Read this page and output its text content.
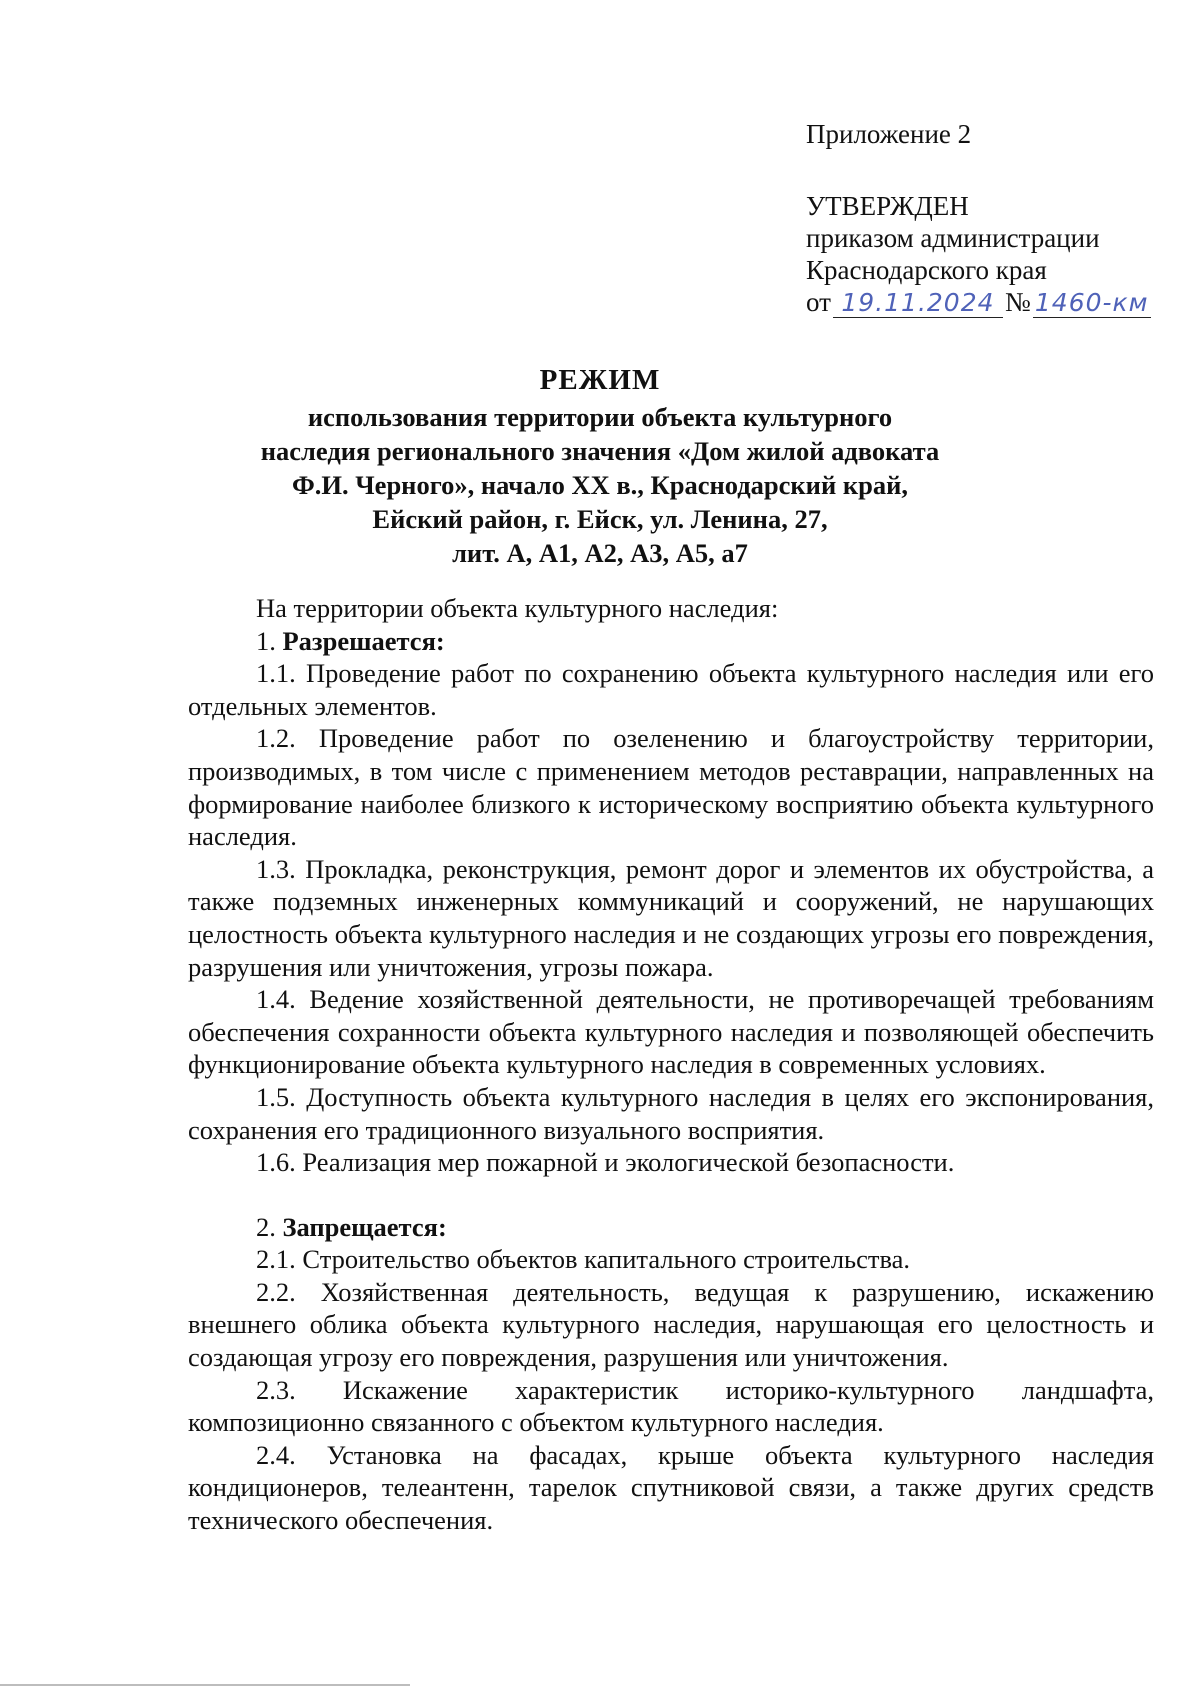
Приложение 2
УТВЕРЖДЕН
приказом администрации
Краснодарского края
от 19.11.2024 № 1460-км
РЕЖИМ
использования территории объекта культурного
наследия регионального значения «Дом жилой адвоката
Ф.И. Черного», начало XX в., Краснодарский край,
Ейский район, г. Ейск, ул. Ленина, 27,
лит. А, А1, А2, А3, А5, а7

На территории объекта культурного наследия:

1. Разрешается:

1.1. Проведение работ по сохранению объекта культурного наследия или его отдельных элементов.

1.2. Проведение работ по озеленению и благоустройству территории, производимых, в том числе с применением методов реставрации, направленных на формирование наиболее близкого к историческому восприятию объекта культурного наследия.

1.3. Прокладка, реконструкция, ремонт дорог и элементов их обустройства, а также подземных инженерных коммуникаций и сооружений, не нарушающих целостность объекта культурного наследия и не создающих угрозы его повреждения, разрушения или уничтожения, угрозы пожара.

1.4. Ведение хозяйственной деятельности, не противоречащей требованиям обеспечения сохранности объекта культурного наследия и позволяющей обеспечить функционирование объекта культурного наследия в современных условиях.

1.5. Доступность объекта культурного наследия в целях его экспонирования, сохранения его традиционного визуального восприятия.

1.6. Реализация мер пожарной и экологической безопасности.

2. Запрещается:

2.1. Строительство объектов капитального строительства.

2.2. Хозяйственная деятельность, ведущая к разрушению, искажению внешнего облика объекта культурного наследия, нарушающая его целостность и создающая угрозу его повреждения, разрушения или уничтожения.

2.3. Искажение характеристик историко-культурного ландшафта, композиционно связанного с объектом культурного наследия.

2.4. Установка на фасадах, крыше объекта культурного наследия кондиционеров, телеантенн, тарелок спутниковой связи, а также других средств технического обеспечения.
